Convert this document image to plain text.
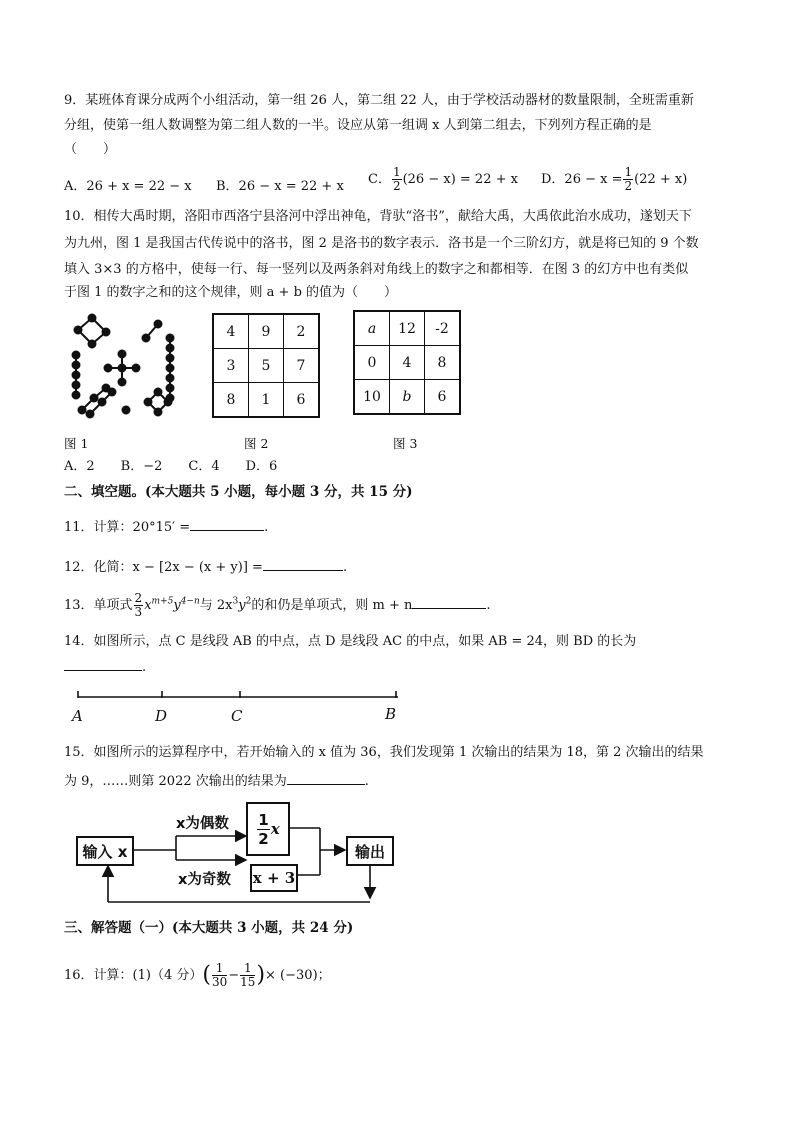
9．某班体育课分成两个小组活动，第一组 26 人，第二组 22 人，由于学校活动器材的数量限制，全班需重新
分组，使第一组人数调整为第二组人数的一半。设应从第一组调 x 人到第二组去，下列列方程正确的是
（　　）
A．26 + x = 22 − x B．26 − x = 22 + x C． $\frac{1}{2} (26 - x) = 22 + x$ D．$26 - x = \frac{1}{2} (22 + x)$
10．相传大禹时期，洛阳市西洛宁县洛河中浮出神龟，背驮“洛书”，献给大禹，大禹依此治水成功，遂划天下
为九州，图 1 是我国古代传说中的洛书，图 2 是洛书的数字表示．洛书是一个三阶幻方，就是将已知的 9 个数
填入 3×3 的方格中，使每一行、每一竖列以及两条斜对角线上的数字之和都相等．在图 3 的幻方中也有类似
于图 1 的数字之和的这个规律，则 a + b 的值为（　　）
4	9	2
3	5	7
8	1	6
a	12	-2
0	4	8
10	b	6
图 1	图 2	图 3
A．2　　B．−2　　C．4　　D．6
二、填空题。(本大题共 5 小题，每小题 3 分，共 15 分)
11．计算：20°15′ =	.
12．化简：x − [2x − (x + y)] =	.
13．单项式 $\frac{2}{3} x^{m+5}y^{4-n}$与 $2x^3y^2$的和仍是单项式，则 m + n	.
14．如图所示，点 C 是线段 AB 的中点，点 D 是线段 AC 的中点，如果 AB = 24，则 BD 的长为
.
A	D	C	B
15．如图所示的运算程序中，若开始输入的 x 值为 36，我们发现第 1 次输出的结果为 18，第 2 次输出的结果
为 9，……则第 2022 次输出的结果为	.
输入 x
x为偶数
x为奇数
$\frac{1}{2}$ x
x + 3
输出
三、解答题（一）(本大题共 3 小题，共 24 分)
16．计算：(1)（4 分）( $\frac{1}{30} - \frac{1}{15}$ )× (−30)；
